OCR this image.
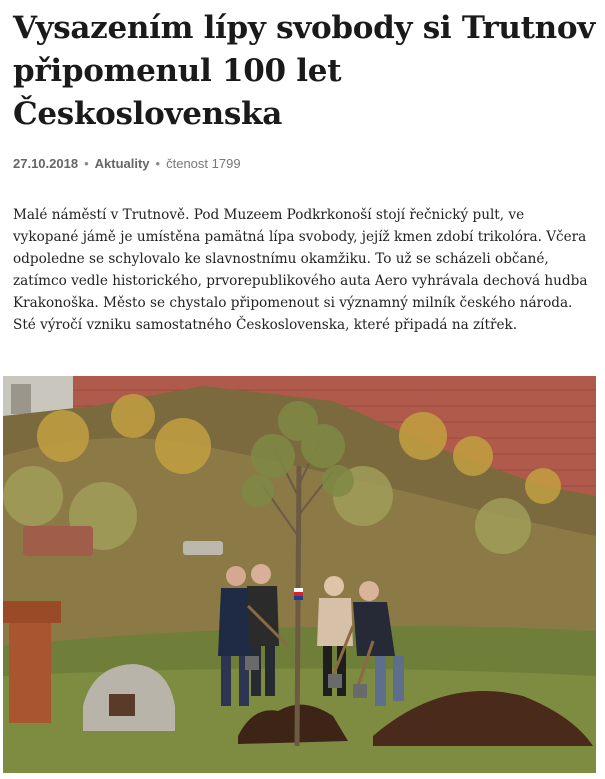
Vysazením lípy svobody si Trutnov připomenul 100 let Československa
27.10.2018 • Aktuality • čtenost 1799

Malé náměstí v Trutnově. Pod Muzeem Podkrkonoší stojí řečnický pult, ve vykopané jámě je umístěna pamätná lípa svobody, jejíž kmen zdobí trikolóra. Včera odpoledne se schylovalo ke slavnostnímu okamžiku. To už se scházeli občané, zatímco vedle historického, prvorepublikového auta Aero vyhrávala dechová hudba Krakonoška. Město se chystalo připomenout si významný milník českého národa. Sté výročí vzniku samostatného Československa, které připadá na zítřek.
